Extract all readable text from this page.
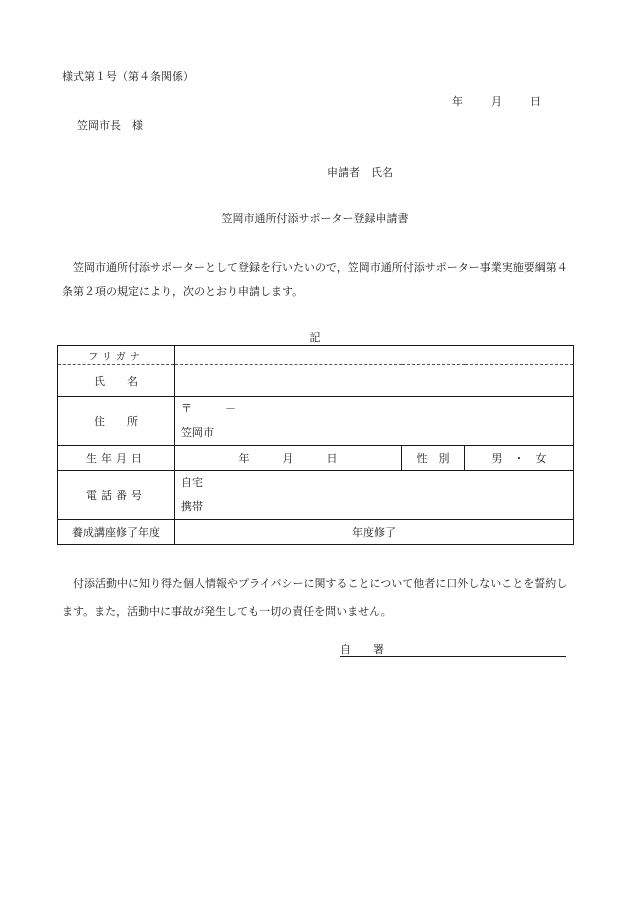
様式第１号（第４条関係）
年	月	日
笠岡市長　様
申請者　氏名
笠岡市通所付添サポーター登録申請書
笠岡市通所付添サポーターとして登録を行いたいので，笠岡市通所付添サポーター事業実施要綱第４条第２項の規定により，次のとおり申請します。
記
フリガナ			
氏　　名			
住　　所	〒　　　－
笠岡市		

生年月日	年　　　月　　　日	性　別	男　・　女
電話番号	自宅
携帯		

養成講座修了年度	年度修了		
付添活動中に知り得た個人情報やプライバシーに関することについて他者に口外しないことを誓約します。また，活動中に事故が発生しても一切の責任を問いません。
自　　署
